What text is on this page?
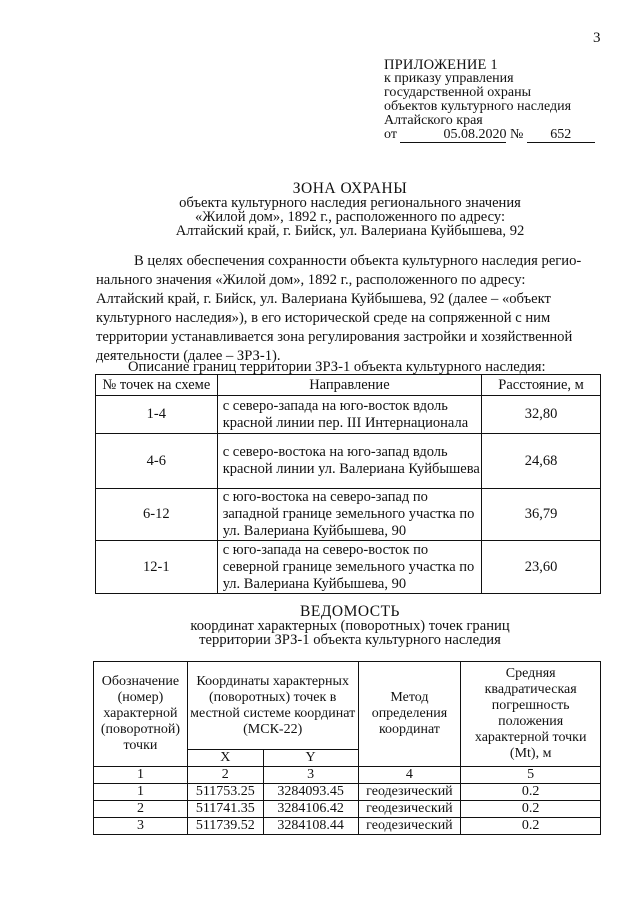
3
ПРИЛОЖЕНИЕ 1
к приказу управления
государственной охраны
объектов культурного наследия
Алтайского края
от	05.08.2020 № 652
ЗОНА ОХРАНЫ
объекта культурного наследия регионального значения
«Жилой дом», 1892 г., расположенного по адресу:
Алтайский край, г. Бийск, ул. Валериана Куйбышева, 92
В целях обеспечения сохранности объекта культурного наследия регио-
нального значения «Жилой дом», 1892 г., расположенного по адресу:
Алтайский край, г. Бийск, ул. Валериана Куйбышева, 92 (далее – «объект
культурного наследия»), в его исторической среде на сопряженной с ним
территории устанавливается зона регулирования застройки и хозяйственной
деятельности (далее – ЗРЗ-1).
Описание границ территории ЗРЗ-1 объекта культурного наследия:
№ точек на схеме	Направление	Расстояние, м
1-4	с северо-запада на юго-восток вдоль красной линии пер. III Интернационала	32,80
4-6	с северо-востока на юго-запад вдоль красной линии ул. Валериана Куйбышева	24,68
6-12	с юго-востока на северо-запад по западной границе земельного участка по ул. Валериана Куйбышева, 90	36,79
12-1	с юго-запада на северо-восток по северной границе земельного участка по ул. Валериана Куйбышева, 90	23,60
ВЕДОМОСТЬ
координат характерных (поворотных) точек границ
территории ЗРЗ-1 объекта культурного наследия
Обозначение (номер) характерной (поворотной) точки	Координаты характерных (поворотных) точек в местной системе координат (МСК-22)		Метод определения координат	Средняя квадратическая погрешность положения характерной точки (Mt), м
	X	Y		
1	2	3	4	5
1	511753.25	3284093.45	геодезический	0.2
2	511741.35	3284106.42	геодезический	0.2
3	511739.52	3284108.44	геодезический	0.2
